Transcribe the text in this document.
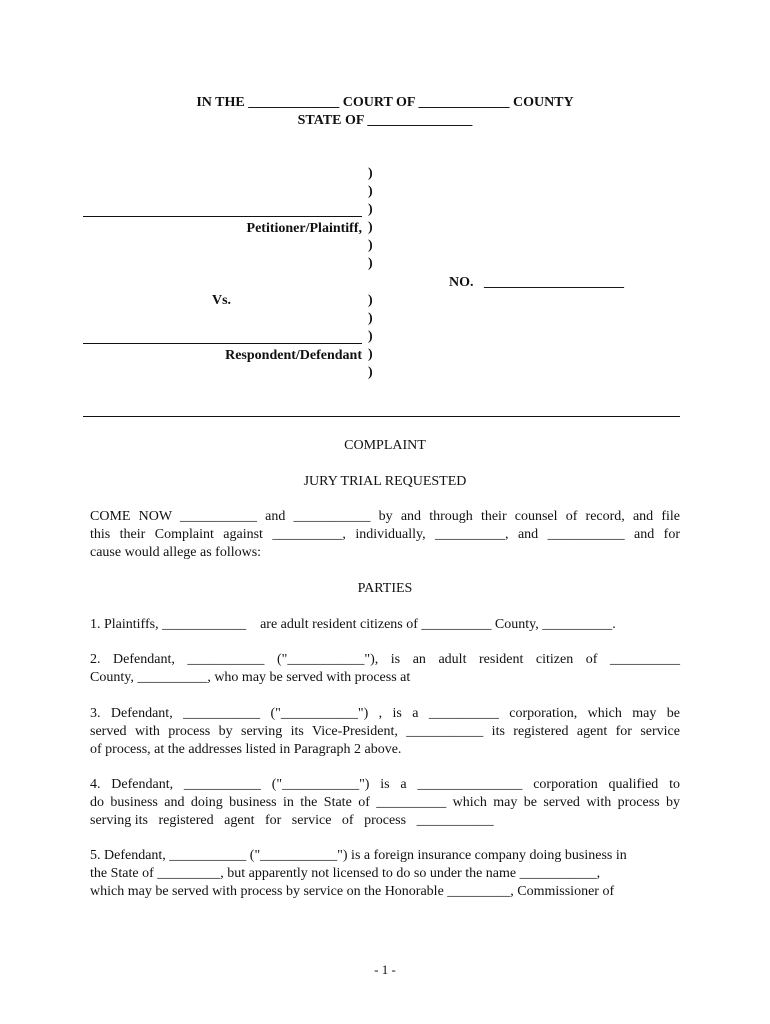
IN THE _____________ COURT OF _____________ COUNTY
STATE OF _______________
)
)
)
)
)
)
)
)
)
)
)
Petitioner/Plaintiff,
Vs.
Respondent/Defendant
NO. ____________________
COMPLAINT
JURY TRIAL REQUESTED
COME NOW ___________ and ___________ by and through their counsel of record, and file
this their Complaint against __________, individually, __________, and ___________ and for
cause would allege as follows:
PARTIES
1. Plaintiffs, ____________    are adult resident citizens of __________ County, __________.
2. Defendant, ___________ ("___________"), is an adult resident citizen of __________
County, __________, who may be served with process at
3. Defendant, ___________ ("___________") , is a __________ corporation, which may be
served with process by serving its Vice-President, ___________ its registered agent for service
of process, at the addresses listed in Paragraph 2 above.
4. Defendant, ___________ ("___________") is a _______________ corporation qualified to
do business and doing business in the State of __________ which may be served with process by
serving its   registered   agent   for   service   of   process   ___________
5. Defendant, ___________ ("___________") is a foreign insurance company doing business in
the State of _________, but apparently not licensed to do so under the name ___________,
which may be served with process by service on the Honorable _________, Commissioner of
- 1 -
